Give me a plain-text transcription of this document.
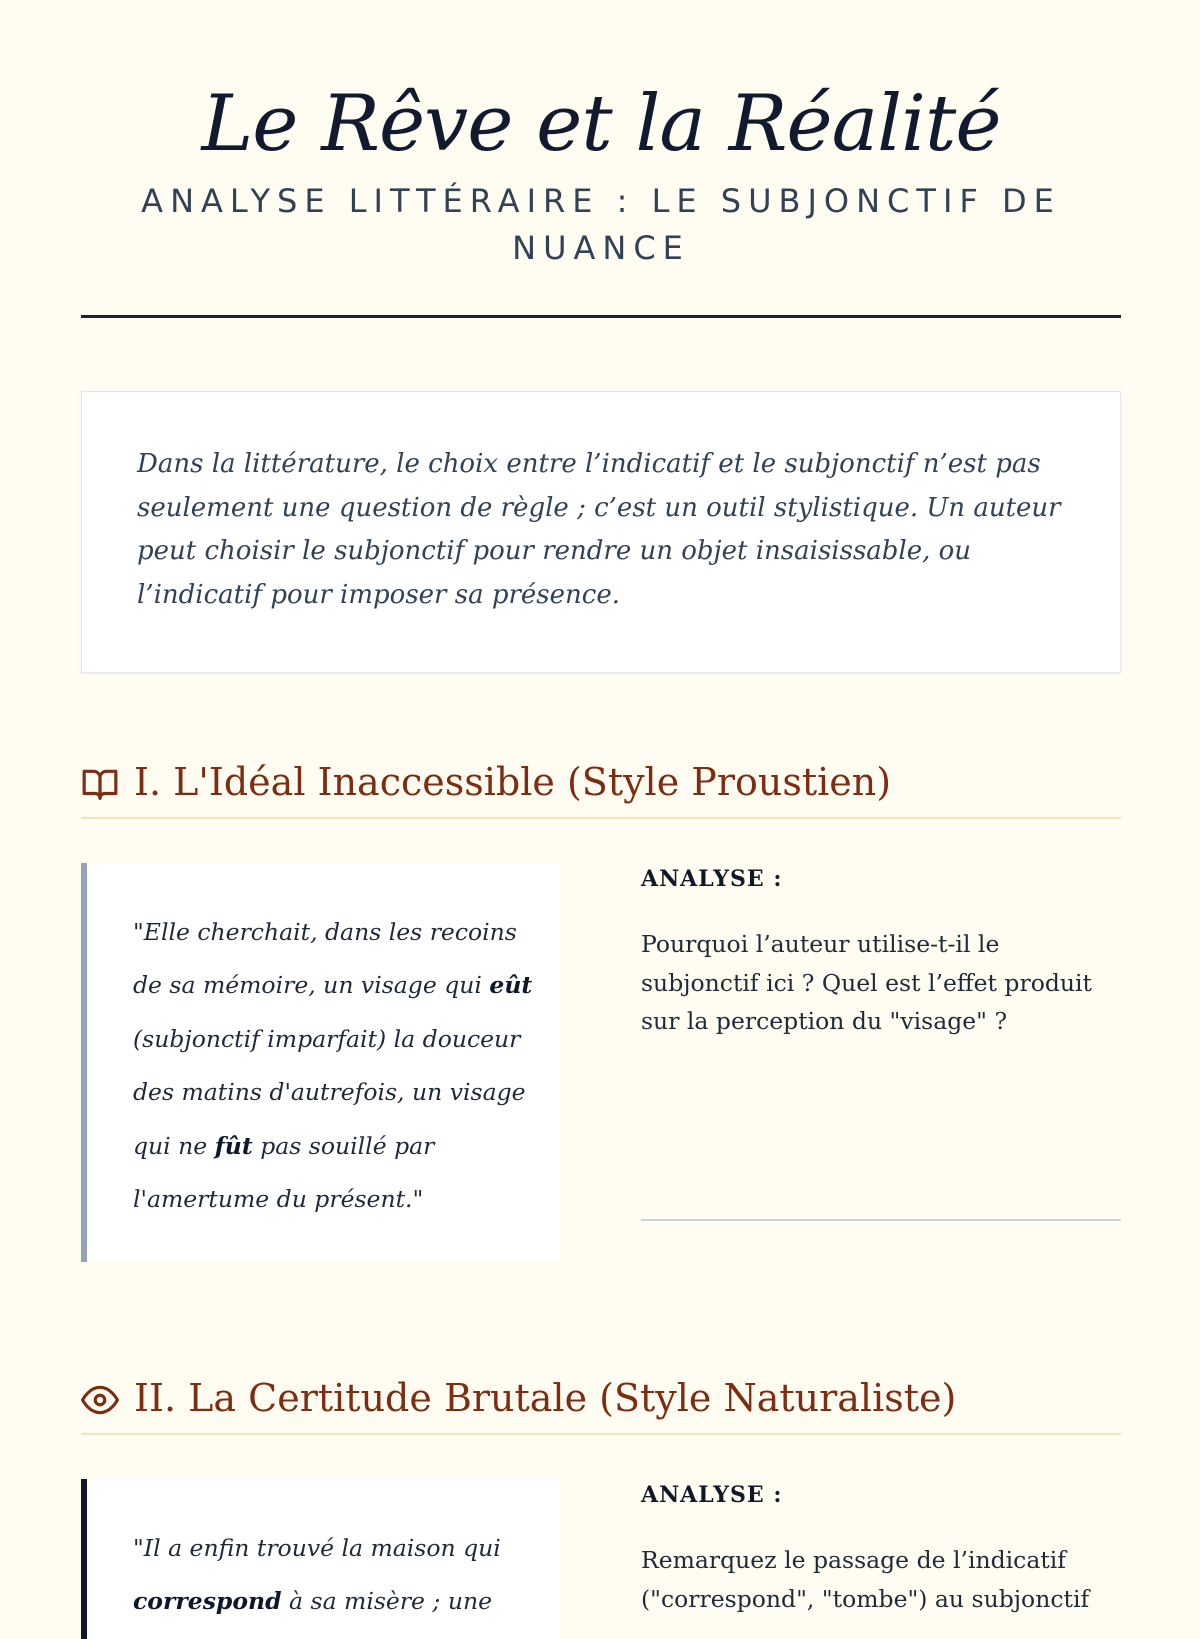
Le Rêve et la Réalité
ANALYSE LITTÉRAIRE : LE SUBJONCTIF DE NUANCE
Dans la littérature, le choix entre l’indicatif et le subjonctif n’est pas seulement une question de règle ; c’est un outil stylistique. Un auteur peut choisir le subjonctif pour rendre un objet insaisissable, ou l’indicatif pour imposer sa présence.
I. L'Idéal Inaccessible (Style Proustien)
"Elle cherchait, dans les recoins de sa mémoire, un visage qui eût (subjonctif imparfait) la douceur des matins d'autrefois, un visage qui ne fût pas souillé par l'amertume du présent."
ANALYSE :
Pourquoi l’auteur utilise-t-il le subjonctif ici ? Quel est l’effet produit sur la perception du "visage" ?
II. La Certitude Brutale (Style Naturaliste)
"Il a enfin trouvé la maison qui correspond à sa misère ; une
ANALYSE :
Remarquez le passage de l’indicatif ("correspond", "tombe") au subjonctif
